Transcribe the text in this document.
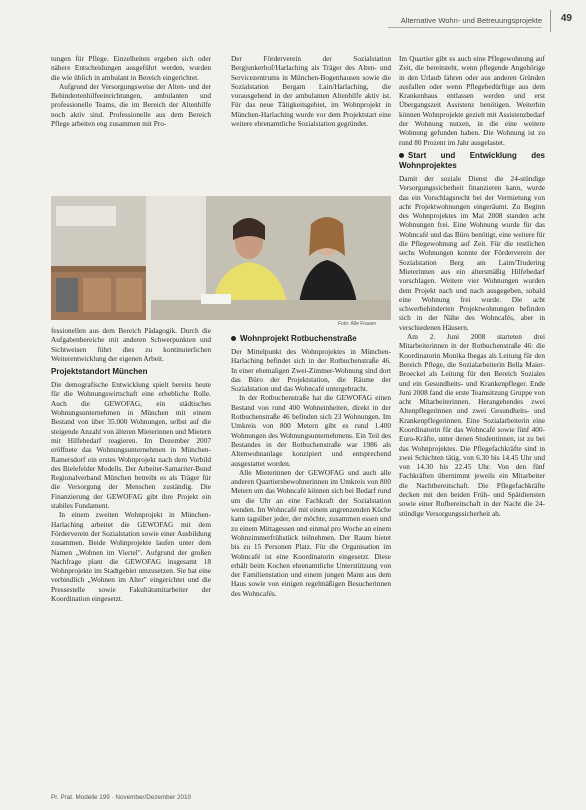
Alternative Wohn- und Betreuungsprojekte 49

tungen für Pflege. Einzelheiten ergeben sich oder nähere Entscheidungen ausgeführt werden, wurden die wie üblich in ambulant in Bereich eingerichtet.

Aufgrund der Versorgungsweise der Alten- und der Behindertenhilfeeinrichtungen, ambulanten und professionelle Teams, die im Bereich der Altenhilfe noch aktiv sind. Professionelle aus dem Bereich Pflege arbeiten eng zusammen mit Pro-

Der Förderverein der Sozialstation Bergjunkerhof/Harlaching als Träger des Alten- und Servicezentrums in München-Bogenhausen sowie die Sozialstation Bergam Lain/Harlaching, die vorausgehend in der ambulanten Altenhilfe aktiv ist. Für das neue Tätigkeitsgebiet, im Wohnprojekt in München-Harlaching wurde vor dem Projektstart eine weitere ehrenamtliche Sozialstation gegründet.

Foto: Alle Frauen

fessionellen aus dem Bereich Pädagogik. Durch die Aufgabenbereiche mit anderen Schwerpunkten und Sichtweisen führt dies zu kontinuierlichen Weiterentwicklung der eigenen Arbeit.

Projektstandort München

Die demografische Entwicklung spielt bereits heute für die Wohnungswirtschaft eine erhebliche Rolle. Auch die GEWOFAG, ein städtisches Wohnungsunternehmen in München mit einem Bestand von über 35.000 Wohnungen, selbst auf die steigende Anzahl von älteren Mieterinnen und Mietern mit Hilfebedarf reagieren. Im Dezember 2007 eröffnete das Wohnungsunternehmen in München-Ramersdorf ein erstes Wohnprojekt nach dem Vorbild des Bielefelder Modells. Der Arbeiter-Samariter-Bund Regionalverband München betreibt es als Träger für die Versorgung der Menschen zuständig. Die Finanzierung der GEWOFAG gibt ihre Projekt ein stabiles Fundament.

In einem zweiten Wohnprojekt in München-Harlaching arbeitet die GEWOFAG mit dem Förderverein der Sozialstation sowie einer Ausbildung zusammen. Beide Wohnprojekte laufen unter dem Namen „Wohnen im Viertel". Aufgrund der großen Nachfrage plant die GEWOFAG insgesamt 18 Wohnprojekte im Stadtgebiet umzusetzen. Sie hat eine verbindlich „Wohnen im Alter" eingerichtet und die Pressestelle sowie Fakultätsmitarbeiter der Koordination eingesetzt.

Wohnprojekt Rotbuchenstraße

Der Mittelpunkt des Wohnprojektes in München-Harlaching befindet sich in der Rotbuchenstraße 46. In einer ehemaligen Zwei-Zimmer-Wohnung sind dort das Büro der Projektstation, die Räume der Sozialstation und das Wohncafé untergebracht.

In der Rotbuchenstraße hat die GEWOFAG einen Bestand von rund 400 Wohneinheiten, direkt in der Rotbuchenstraße 46 befinden sich 23 Wohnungen. Im Umkreis von 800 Metern gibt es rund 1.400 Wohnungen des Wohnungsunternehmens. Ein Teil des Bestandes in der Rotbuchenstraße war 1986 als Altenwohnanlage konzipiert und entsprechend ausgestattet worden.

Alle Mieterinnen der GEWOFAG und auch alle anderen Quartiersbewohnerinnen im Umkreis von 800 Metern um das Wohncafé können sich bei Bedarf rund um die Uhr an eine Fachkraft der Sozialstation wenden. Im Wohncafé mit einem angrenzenden Küche kann tagsüber jeder, der möchte, zusammen essen und zu einem Mittagessen und einmal pro Woche an einem Wohnzimmerfrühstück teilnehmen. Der Raum bietet bis zu 15 Personen Platz. Für die Organisation im Wohncafé ist eine Koordinatorin eingesetzt. Diese erhält beim Kochen ehrenamtliche Unterstützung von der Familienstation und einem jungen Mann aus dem Haus sowie von einigen regelmäßigen Besucherinnen des Wohncafés.

Im Quartier gibt es auch eine Pflegewohnung auf Zeit, die bereitsteht, wenn pflegende Angehörige in den Urlaub fahren oder aus anderen Gründen ausfallen oder wenn Pflegebedürftige aus dem Krankenhaus entlassen werden und erst Übergangszeit Assistenz benötigen. Weiterhin können Wohnprojekte gezielt mit Assistenzbedarf der Wohnung nutzen, in die eine weitere Wohnung gefunden haben. Die Wohnung ist zu rund 80 Prozent im Jahr ausgelastet.

Start und Entwicklung des Wohnprojektes

Damit der soziale Dienst die 24-stündige Versorgungssicherheit finanzieren kann, wurde das ein Vorschlagsrecht bei der Vermietung von acht Projektwohnungen eingeräumt. Zu Beginn des Wohnprojektes im Mai 2008 standen acht Wohnungen frei. Eine Wohnung wurde für das Wohncafé und das Büro benötigt, eine weitere für die Pflegewohnung auf Zeit. Für die restlichen sechs Wohnungen konnte der Förderverein der Sozialstation Berg am Laim/Trudering Mieterinnen aus ein altersmäßig Hilfebedarf vorschlagen. Weitere vier Wohnungen wurden dem Projekt nach und nach ausgegeben, sobald eine Wohnung frei wurde. Die acht schwerbehinderten Projektwohnungen befinden sich in der Nähe des Wohncafés, aber in verschiedenen Häusern.

Am 2. Juni 2008 starteten drei Mitarbeiterinnen in der Rotbuchenstraße 46: die Koordinatorin Monika Ibegas als Leitung für den Bereich Pflege, die Sozialarbeiterin Bella Maier-Broeckel als Leitung für den Bereich Soziales und ein Gesundheits- und Krankenpfleger. Ende Juni 2008 fand die erste Teamsitzung Gruppe von acht Mitarbeiterinnen. Herangehendes zwei Altenpflegerinnen und zwei Gesundheits- und Krankenpflegerinnen. Eine Sozialarbeiterin eine Koordinatorin für das Wohncafé sowie fünf 400-Euro-Kräfte, unter denen Studentinnen, ist zu bei das Wohnprojektes. Die Pflegefachkräfte sind in zwei Schichten tätig, von 6.30 bis 14.45 Uhr und von 14.30 bis 22.45 Uhr. Von den fünf Fachkräften übernimmt jeweils ein Mitarbeiter die Nachtbereitschaft. Die Pflegefachkräfte decken mit den beiden Früh- und Spätdiensten sowie einer Rufbereitschaft in der Nacht die 24-stündige Versorgungssicherheit ab.

Pr. Prat. Modelle 199 · November/Dezember 2010
